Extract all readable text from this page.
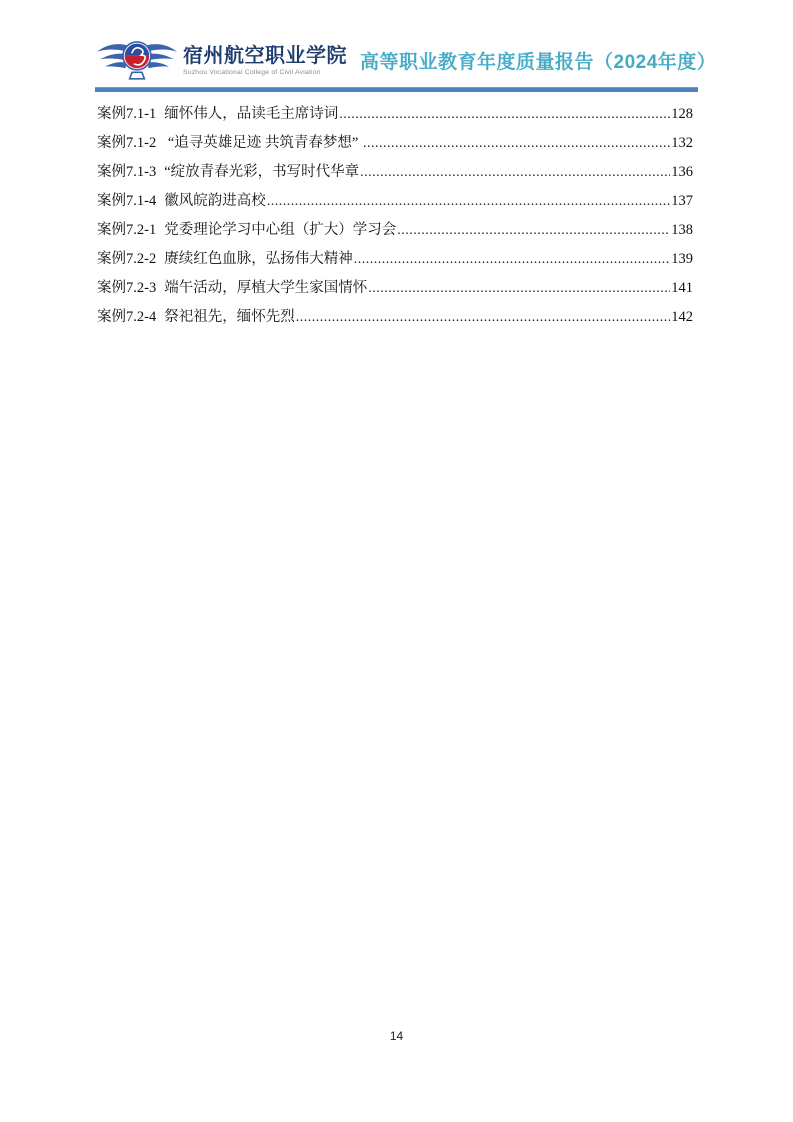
宿州航空职业学院
Suzhou Vocational College of Civil Aviation	高等职业教育年度质量报告（2024年度）
案例7.1-1 缅怀伟人，品读毛主席诗词 .....	128
案例7.1-2 “追寻英雄足迹 共筑青春梦想” .....	132
案例7.1-3 “绽放青春光彩，书写时代华章 .....	136
案例7.1-4 徽风皖韵进高校 .....	137
案例7.2-1 党委理论学习中心组（扩大）学习会 .....	138
案例7.2-2 赓续红色血脉，弘扬伟大精神 .....	139
案例7.2-3 端午活动，厚植大学生家国情怀 .....	141
案例7.2-4 祭祀祖先，缅怀先烈 .....	142
14
